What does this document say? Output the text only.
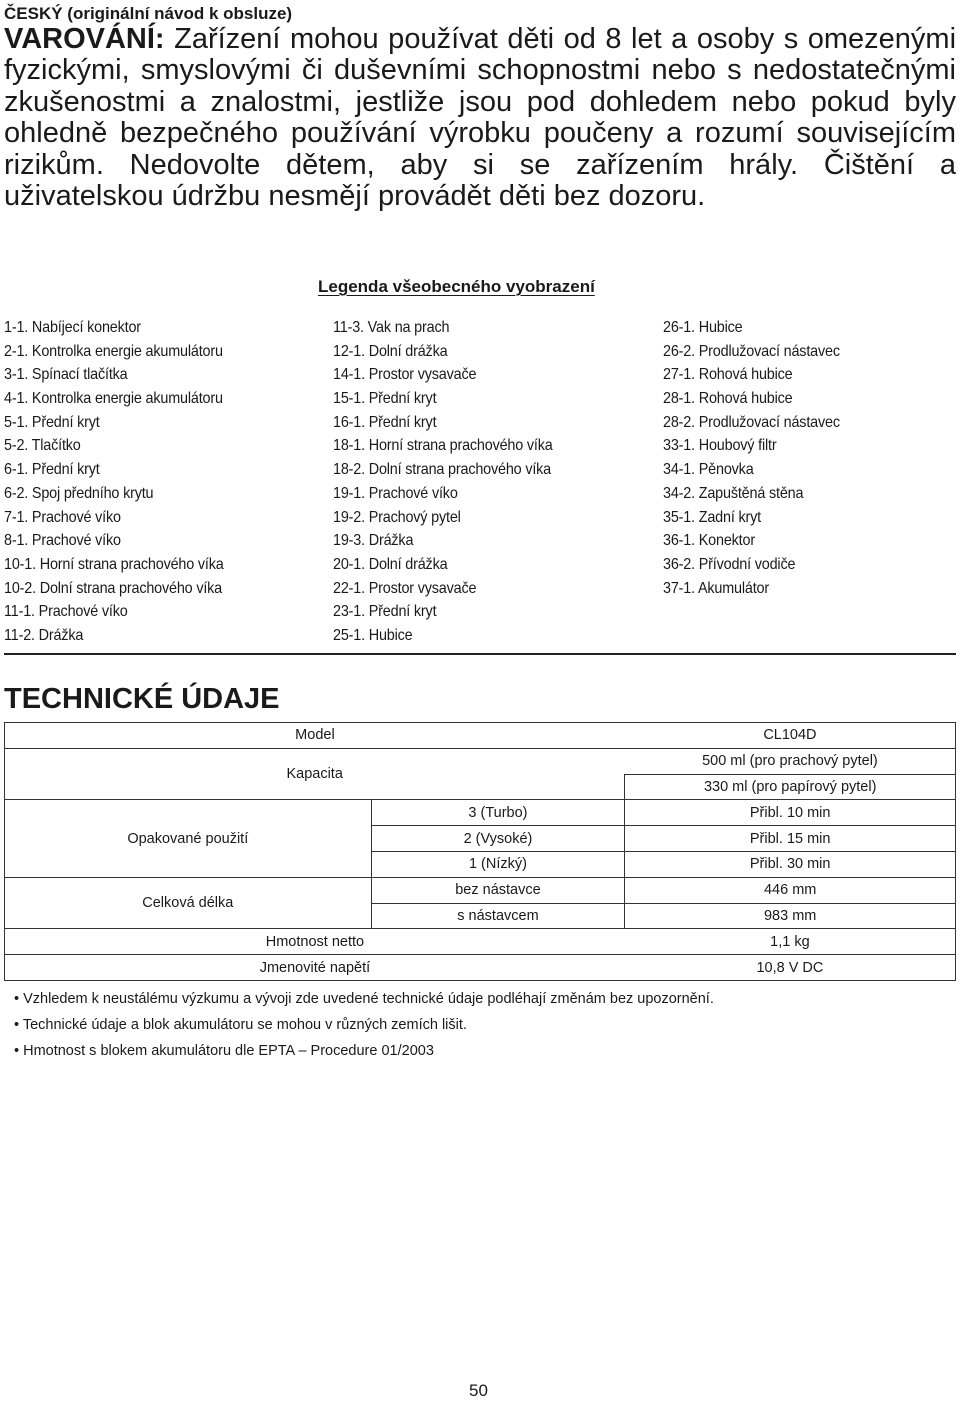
ČESKÝ (originální návod k obsluze)
VAROVÁNÍ: Zařízení mohou používat děti od 8 let a osoby s omezenými fyzickými, smyslovými či duševními schopnostmi nebo s nedostatečnými zkušenostmi a znalostmi, jestliže jsou pod dohledem nebo pokud byly ohledně bezpečného používání výrobku poučeny a rozumí souvisejícím rizikům. Nedovolte dětem, aby si se zařízením hrály. Čištění a uživatelskou údržbu nesmějí provádět děti bez dozoru.
Legenda všeobecného vyobrazení
1-1. Nabíjecí konektor
2-1. Kontrolka energie akumulátoru
3-1. Spínací tlačítka
4-1. Kontrolka energie akumulátoru
5-1. Přední kryt
5-2. Tlačítko
6-1. Přední kryt
6-2. Spoj předního krytu
7-1. Prachové víko
8-1. Prachové víko
10-1. Horní strana prachového víka
10-2. Dolní strana prachového víka
11-1. Prachové víko
11-2. Drážka
11-3. Vak na prach
12-1. Dolní drážka
14-1. Prostor vysavače
15-1. Přední kryt
16-1. Přední kryt
18-1. Horní strana prachového víka
18-2. Dolní strana prachového víka
19-1. Prachové víko
19-2. Prachový pytel
19-3. Drážka
20-1. Dolní drážka
22-1. Prostor vysavače
23-1. Přední kryt
25-1. Hubice
26-1. Hubice
26-2. Prodlužovací nástavec
27-1. Rohová hubice
28-1. Rohová hubice
28-2. Prodlužovací nástavec
33-1. Houbový filtr
34-1. Pěnovka
34-2. Zapuštěná stěna
35-1. Zadní kryt
36-1. Konektor
36-2. Přívodní vodiče
37-1. Akumulátor
TECHNICKÉ ÚDAJE
Model		CL104D
Kapacita		500 ml (pro prachový pytel)
		330 ml (pro papírový pytel)
Opakované použití	3 (Turbo)	Přibl. 10 min
	2 (Vysoké)	Přibl. 15 min
	1 (Nízký)	Přibl. 30 min
Celková délka	bez nástavce	446 mm
	s nástavcem	983 mm
Hmotnost netto		1,1 kg
Jmenovité napětí		10,8 V DC
• Vzhledem k neustálému výzkumu a vývoji zde uvedené technické údaje podléhají změnám bez upozornění.
• Technické údaje a blok akumulátoru se mohou v různých zemích lišit.
• Hmotnost s blokem akumulátoru dle EPTA – Procedure 01/2003
50
